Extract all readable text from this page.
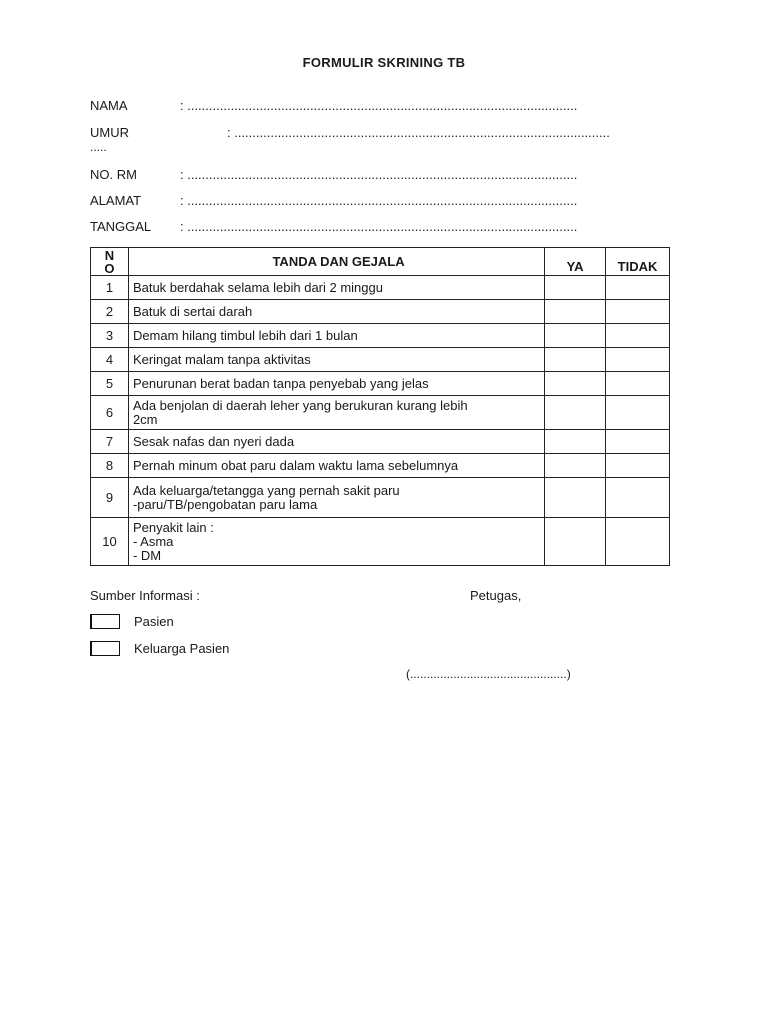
FORMULIR SKRINING TB
NAMA	: ............................................................................................................
UMUR	: ........................................................................................................
.....
NO. RM	: ............................................................................................................
ALAMAT	: ............................................................................................................
TANGGAL : ............................................................................................................
N
O	TANDA DAN GEJALA	YA	TIDAK
1	Batuk berdahak selama lebih dari 2 minggu		
2	Batuk di sertai darah		
3	Demam hilang timbul lebih dari 1 bulan		
4	Keringat malam tanpa aktivitas		
5	Penurunan berat badan tanpa penyebab yang jelas		
6	Ada benjolan di daerah leher yang berukuran kurang lebih
2cm		
7	Sesak nafas dan nyeri dada		
8	Pernah minum obat paru dalam waktu lama sebelumnya		
9	Ada keluarga/tetangga yang pernah sakit paru
-paru/TB/pengobatan paru lama		
10	Penyakit lain :
- Asma
- DM		
Sumber Informasi :	Petugas,
Pasien
Keluarga Pasien
(...............................................)
